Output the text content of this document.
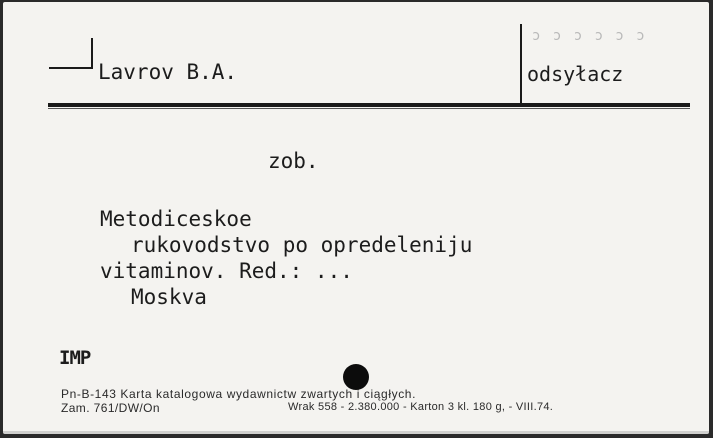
ɔ ɔ ɔ ɔ ɔ ɔ
Lavrov B.A.	odsyłacz
zob.
Metodiceskoe
rukovodstvo po opredeleniju
vitaminov. Red.: ...
Moskva
IMP
Pn-B-143 Karta katalogowa wydawnictw zwartych i ciągłych.
Zam. 761/DW/On	Wrak 558 - 2.380.000 - Karton 3 kl. 180 g, - VIII.74.
